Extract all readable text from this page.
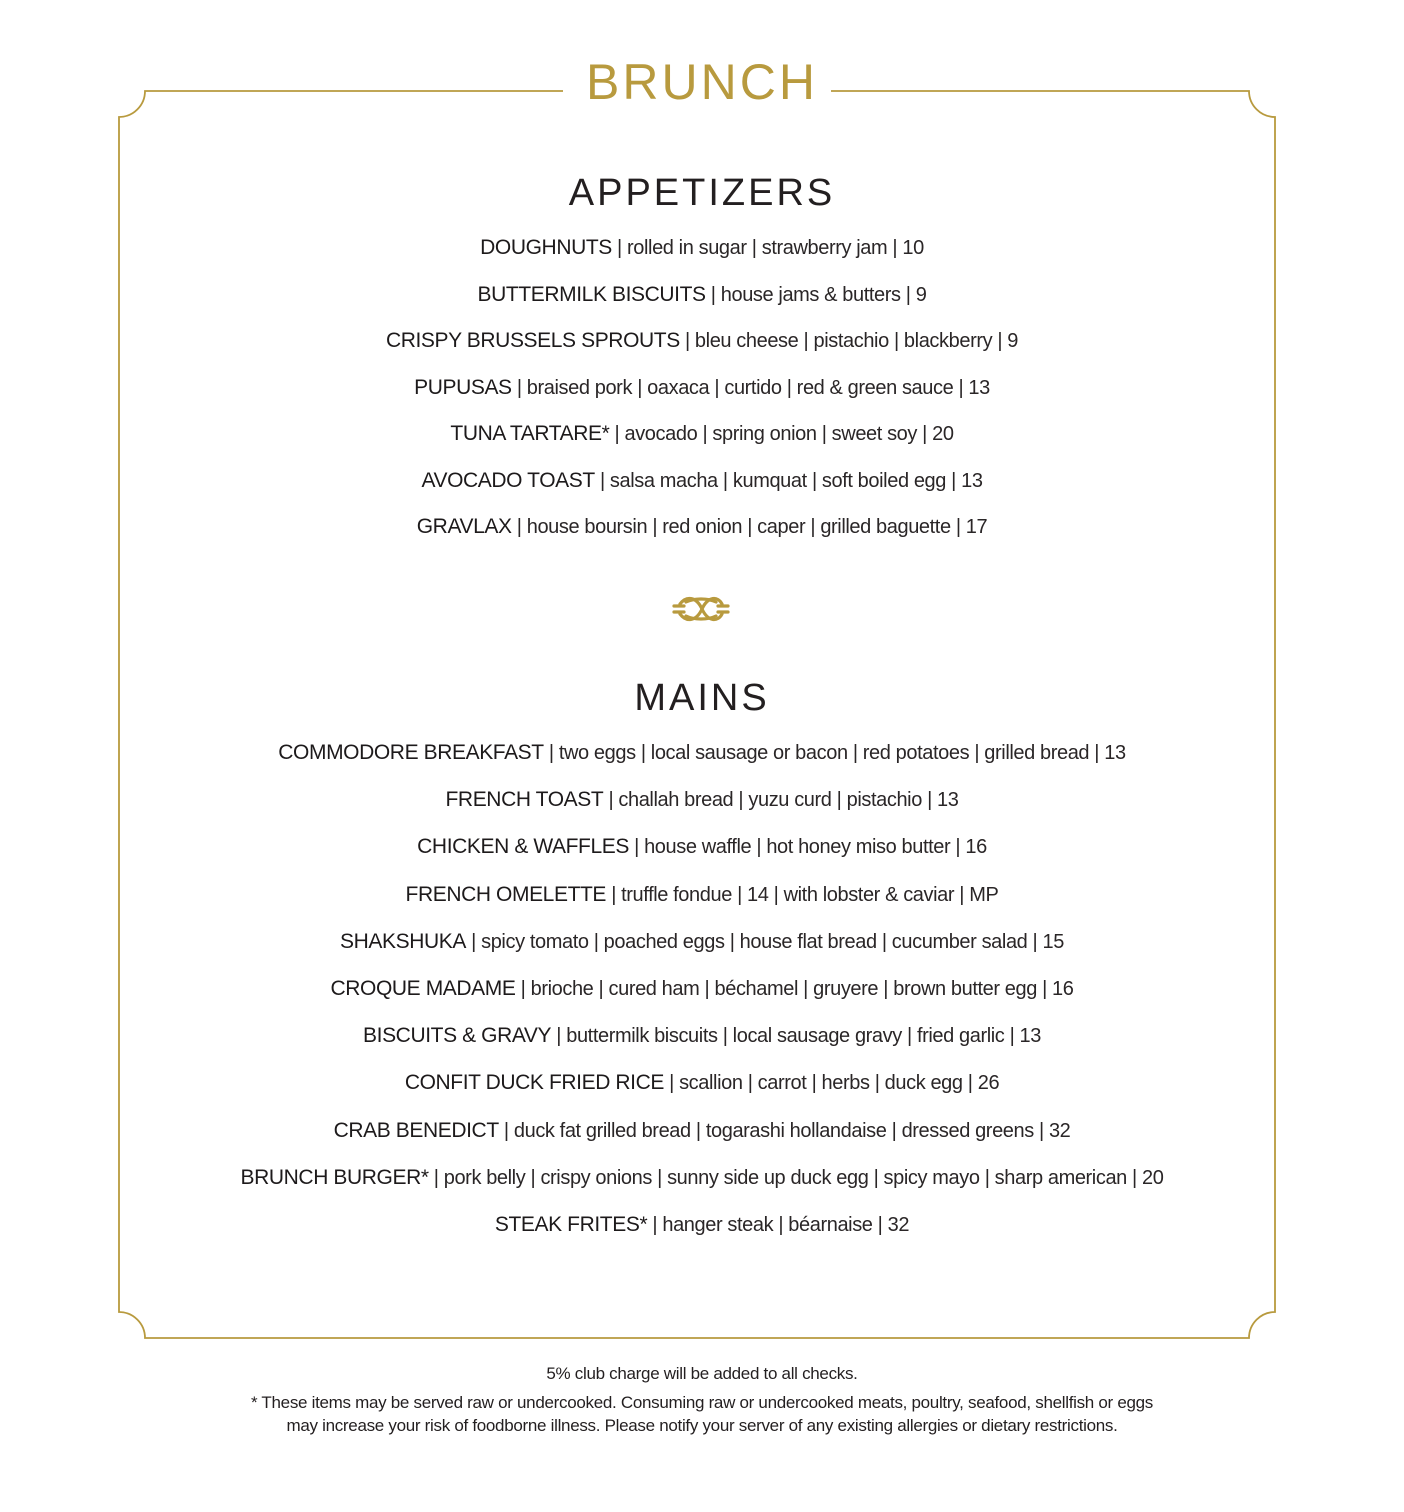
BRUNCH
APPETIZERS
DOUGHNUTS | rolled in sugar | strawberry jam | 10
BUTTERMILK BISCUITS | house jams & butters | 9
CRISPY BRUSSELS SPROUTS | bleu cheese | pistachio | blackberry | 9
PUPUSAS | braised pork | oaxaca | curtido | red & green sauce | 13
TUNA TARTARE* | avocado | spring onion | sweet soy | 20
AVOCADO TOAST | salsa macha | kumquat | soft boiled egg | 13
GRAVLAX | house boursin | red onion | caper | grilled baguette | 17
MAINS
COMMODORE BREAKFAST | two eggs | local sausage or bacon | red potatoes | grilled bread | 13
FRENCH TOAST | challah bread | yuzu curd | pistachio | 13
CHICKEN & WAFFLES | house waffle | hot honey miso butter | 16
FRENCH OMELETTE | truffle fondue | 14 | with lobster & caviar | MP
SHAKSHUKA | spicy tomato | poached eggs | house flat bread | cucumber salad | 15
CROQUE MADAME | brioche | cured ham | béchamel | gruyere | brown butter egg | 16
BISCUITS & GRAVY | buttermilk biscuits | local sausage gravy | fried garlic | 13
CONFIT DUCK FRIED RICE | scallion | carrot | herbs | duck egg | 26
CRAB BENEDICT | duck fat grilled bread | togarashi hollandaise | dressed greens | 32
BRUNCH BURGER* | pork belly | crispy onions | sunny side up duck egg | spicy mayo | sharp american | 20
STEAK FRITES* | hanger steak | béarnaise | 32
5% club charge will be added to all checks.
* These items may be served raw or undercooked. Consuming raw or undercooked meats, poultry, seafood, shellfish or eggs
may increase your risk of foodborne illness. Please notify your server of any existing allergies or dietary restrictions.
